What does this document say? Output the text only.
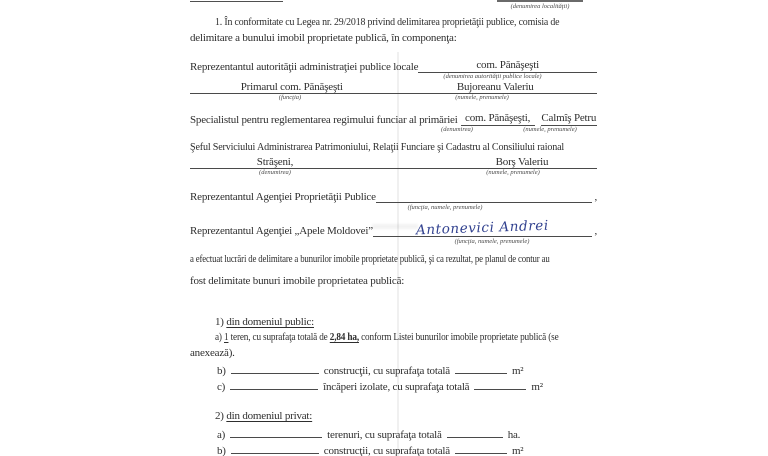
(denumirea localităţii)
1. În conformitate cu Legea nr. 29/2018 privind delimitarea proprietăţii publice, comisia de
delimitare a bunului imobil proprietate publică, în componenţa:
Reprezentantul autorităţii administraţiei publice locale	com. Pănăşeşti
(denumirea autorităţii publice locale)
Primarul com. Pănăşeşti	Bujoreanu Valeriu
(funcţia)	(numele, prenumele)
Specialistul pentru reglementarea regimului funciar al primăriei com. Pănăşeşti,	Calmîş Petru
(denumirea)	(numele, prenumele)
Şeful Serviciului Administrarea Patrimoniului, Relaţii Funciare şi Cadastru al Consiliului raional
Străşeni,	Borş Valeriu
(denumirea)	(numele, prenumele)
Reprezentantul Agenţiei Proprietăţii Publice	,
(funcţia, numele, prenumele)
Reprezentantul Agenţiei „Apele Moldovei”	Antonevici Andrei	,
(funcţia, numele, prenumele)
a efectuat lucrări de delimitare a bunurilor imobile proprietate publică, şi ca rezultat, pe planul de contur au
fost delimitate bunuri imobile proprietatea publică:
1) din domeniul public:
a) 1 teren, cu suprafaţa totală de 2,84 ha, conform Listei bunurilor imobile proprietate publică (se
anexează).
b)	construcţii, cu suprafaţa totală	m²
c)	încăperi izolate, cu suprafaţa totală	m²
2) din domeniul privat:
a)	terenuri, cu suprafaţa totală	ha.
b)	construcţii, cu suprafaţa totală	m²
